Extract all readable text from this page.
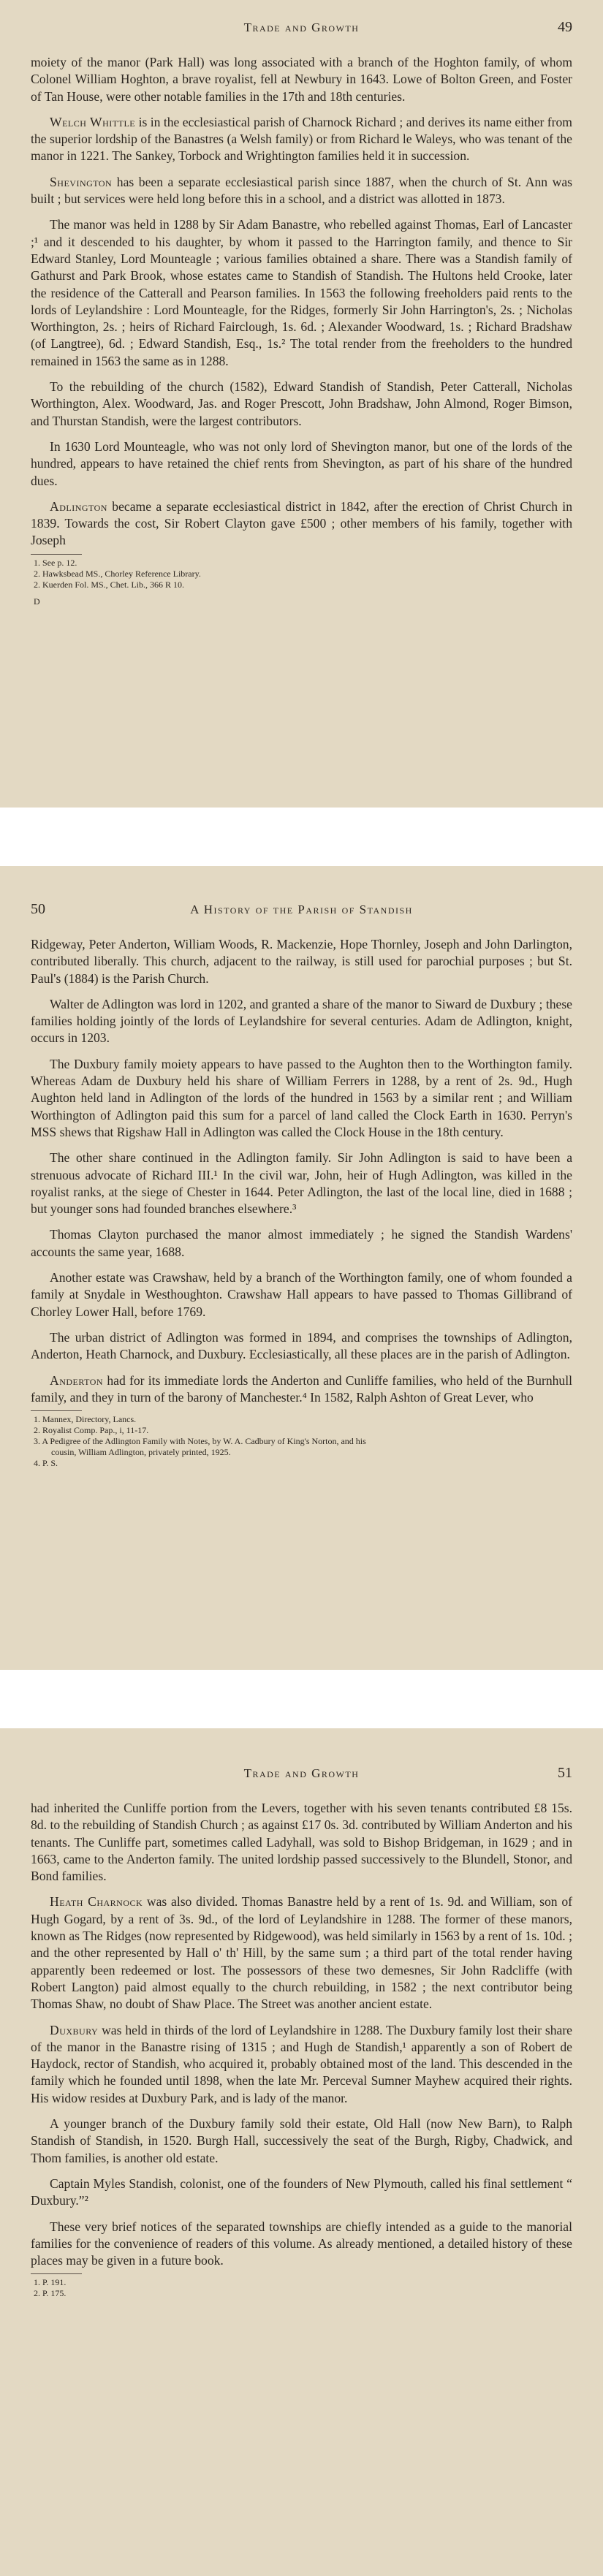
Trade and Growth	49

moiety of the manor (Park Hall) was long associated with a branch of the Hoghton family, of whom Colonel William Hoghton, a brave royalist, fell at Newbury in 1643. Lowe of Bolton Green, and Foster of Tan House, were other notable families in the 17th and 18th centuries.

Welch Whittle is in the ecclesiastical parish of Charnock Richard ; and derives its name either from the superior lordship of the Banastres (a Welsh family) or from Richard le Waleys, who was tenant of the manor in 1221. The Sankey, Torbock and Wrightington families held it in succession.

Shevington has been a separate ecclesiastical parish since 1887, when the church of St. Ann was built ; but services were held long before this in a school, and a district was allotted in 1873.

The manor was held in 1288 by Sir Adam Banastre, who rebelled against Thomas, Earl of Lancaster ;¹ and it descended to his daughter, by whom it passed to the Harrington family, and thence to Sir Edward Stanley, Lord Mounteagle ; various families obtained a share. There was a Standish family of Gathurst and Park Brook, whose estates came to Standish of Standish. The Hultons held Crooke, later the residence of the Catterall and Pearson families. In 1563 the following freeholders paid rents to the lords of Leylandshire : Lord Mounteagle, for the Ridges, formerly Sir John Harrington's, 2s. ; Nicholas Worthington, 2s. ; heirs of Richard Fairclough, 1s. 6d. ; Alexander Woodward, 1s. ; Richard Bradshaw (of Langtree), 6d. ; Edward Standish, Esq., 1s.² The total render from the freeholders to the hundred remained in 1563 the same as in 1288.

To the rebuilding of the church (1582), Edward Standish of Standish, Peter Catterall, Nicholas Worthington, Alex. Woodward, Jas. and Roger Prescott, John Bradshaw, John Almond, Roger Bimson, and Thurstan Standish, were the largest contributors.

In 1630 Lord Mounteagle, who was not only lord of Shevington manor, but one of the lords of the hundred, appears to have retained the chief rents from Shevington, as part of his share of the hundred dues.

Adlington became a separate ecclesiastical district in 1842, after the erection of Christ Church in 1839. Towards the cost, Sir Robert Clayton gave £500 ; other members of his family, together with Joseph

1. See p. 12.

2. Hawksbead MS., Chorley Reference Library.

2. Kuerden Fol. MS., Chet. Lib., 366 R 10.

D
50	A History of the Parish of Standish

Ridgeway, Peter Anderton, William Woods, R. Mackenzie, Hope Thornley, Joseph and John Darlington, contributed liberally. This church, adjacent to the railway, is still used for parochial purposes ; but St. Paul's (1884) is the Parish Church.

Walter de Adlington was lord in 1202, and granted a share of the manor to Siward de Duxbury ; these families holding jointly of the lords of Leylandshire for several centuries. Adam de Adlington, knight, occurs in 1203.

The Duxbury family moiety appears to have passed to the Aughton then to the Worthington family. Whereas Adam de Duxbury held his share of William Ferrers in 1288, by a rent of 2s. 9d., Hugh Aughton held land in Adlington of the lords of the hundred in 1563 by a similar rent ; and William Worthington of Adlington paid this sum for a parcel of land called the Clock Earth in 1630. Perryn's MSS shews that Rigshaw Hall in Adlington was called the Clock House in the 18th century.

The other share continued in the Adlington family. Sir John Adlington is said to have been a strenuous advocate of Richard III.¹ In the civil war, John, heir of Hugh Adlington, was killed in the royalist ranks, at the siege of Chester in 1644. Peter Adlington, the last of the local line, died in 1688 ; but younger sons had founded branches elsewhere.³

Thomas Clayton purchased the manor almost immediately ; he signed the Standish Wardens' accounts the same year, 1688.

Another estate was Crawshaw, held by a branch of the Worthington family, one of whom founded a family at Snydale in Westhoughton. Crawshaw Hall appears to have passed to Thomas Gillibrand of Chorley Lower Hall, before 1769.

The urban district of Adlington was formed in 1894, and comprises the townships of Adlington, Anderton, Heath Charnock, and Duxbury. Ecclesiastically, all these places are in the parish of Adlington.

Anderton had for its immediate lords the Anderton and Cunliffe families, who held of the Burnhull family, and they in turn of the barony of Manchester.⁴ In 1582, Ralph Ashton of Great Lever, who

1. Mannex, Directory, Lancs.

2. Royalist Comp. Pap., i, 11-17.

3. A Pedigree of the Adlington Family with Notes, by W. A. Cadbury of King's Norton, and his

cousin, William Adlington, privately printed, 1925.

4. P. S.

Trade and Growth	51

had inherited the Cunliffe portion from the Levers, together with his seven tenants contributed £8 15s. 8d. to the rebuilding of Standish Church ; as against £17 0s. 3d. contributed by William Anderton and his tenants. The Cunliffe part, sometimes called Ladyhall, was sold to Bishop Bridgeman, in 1629 ; and in 1663, came to the Anderton family. The united lordship passed successively to the Blundell, Stonor, and Bond families.

Heath Charnock was also divided. Thomas Banastre held by a rent of 1s. 9d. and William, son of Hugh Gogard, by a rent of 3s. 9d., of the lord of Leylandshire in 1288. The former of these manors, known as The Ridges (now represented by Ridgewood), was held similarly in 1563 by a rent of 1s. 10d. ; and the other represented by Hall o' th' Hill, by the same sum ; a third part of the total render having apparently been redeemed or lost. The possessors of these two demesnes, Sir John Radcliffe (with Robert Langton) paid almost equally to the church rebuilding, in 1582 ; the next contributor being Thomas Shaw, no doubt of Shaw Place. The Street was another ancient estate.

Duxbury was held in thirds of the lord of Leylandshire in 1288. The Duxbury family lost their share of the manor in the Banastre rising of 1315 ; and Hugh de Standish,¹ apparently a son of Robert de Haydock, rector of Standish, who acquired it, probably obtained most of the land. This descended in the family which he founded until 1898, when the late Mr. Perceval Sumner Mayhew acquired their rights. His widow resides at Duxbury Park, and is lady of the manor.

A younger branch of the Duxbury family sold their estate, Old Hall (now New Barn), to Ralph Standish of Standish, in 1520. Burgh Hall, successively the seat of the Burgh, Rigby, Chadwick, and Thom families, is another old estate.

Captain Myles Standish, colonist, one of the founders of New Plymouth, called his final settlement “ Duxbury.”²

These very brief notices of the separated townships are chiefly intended as a guide to the manorial families for the convenience of readers of this volume. As already mentioned, a detailed history of these places may be given in a future book.

1. P. 191.

2. P. 175.
